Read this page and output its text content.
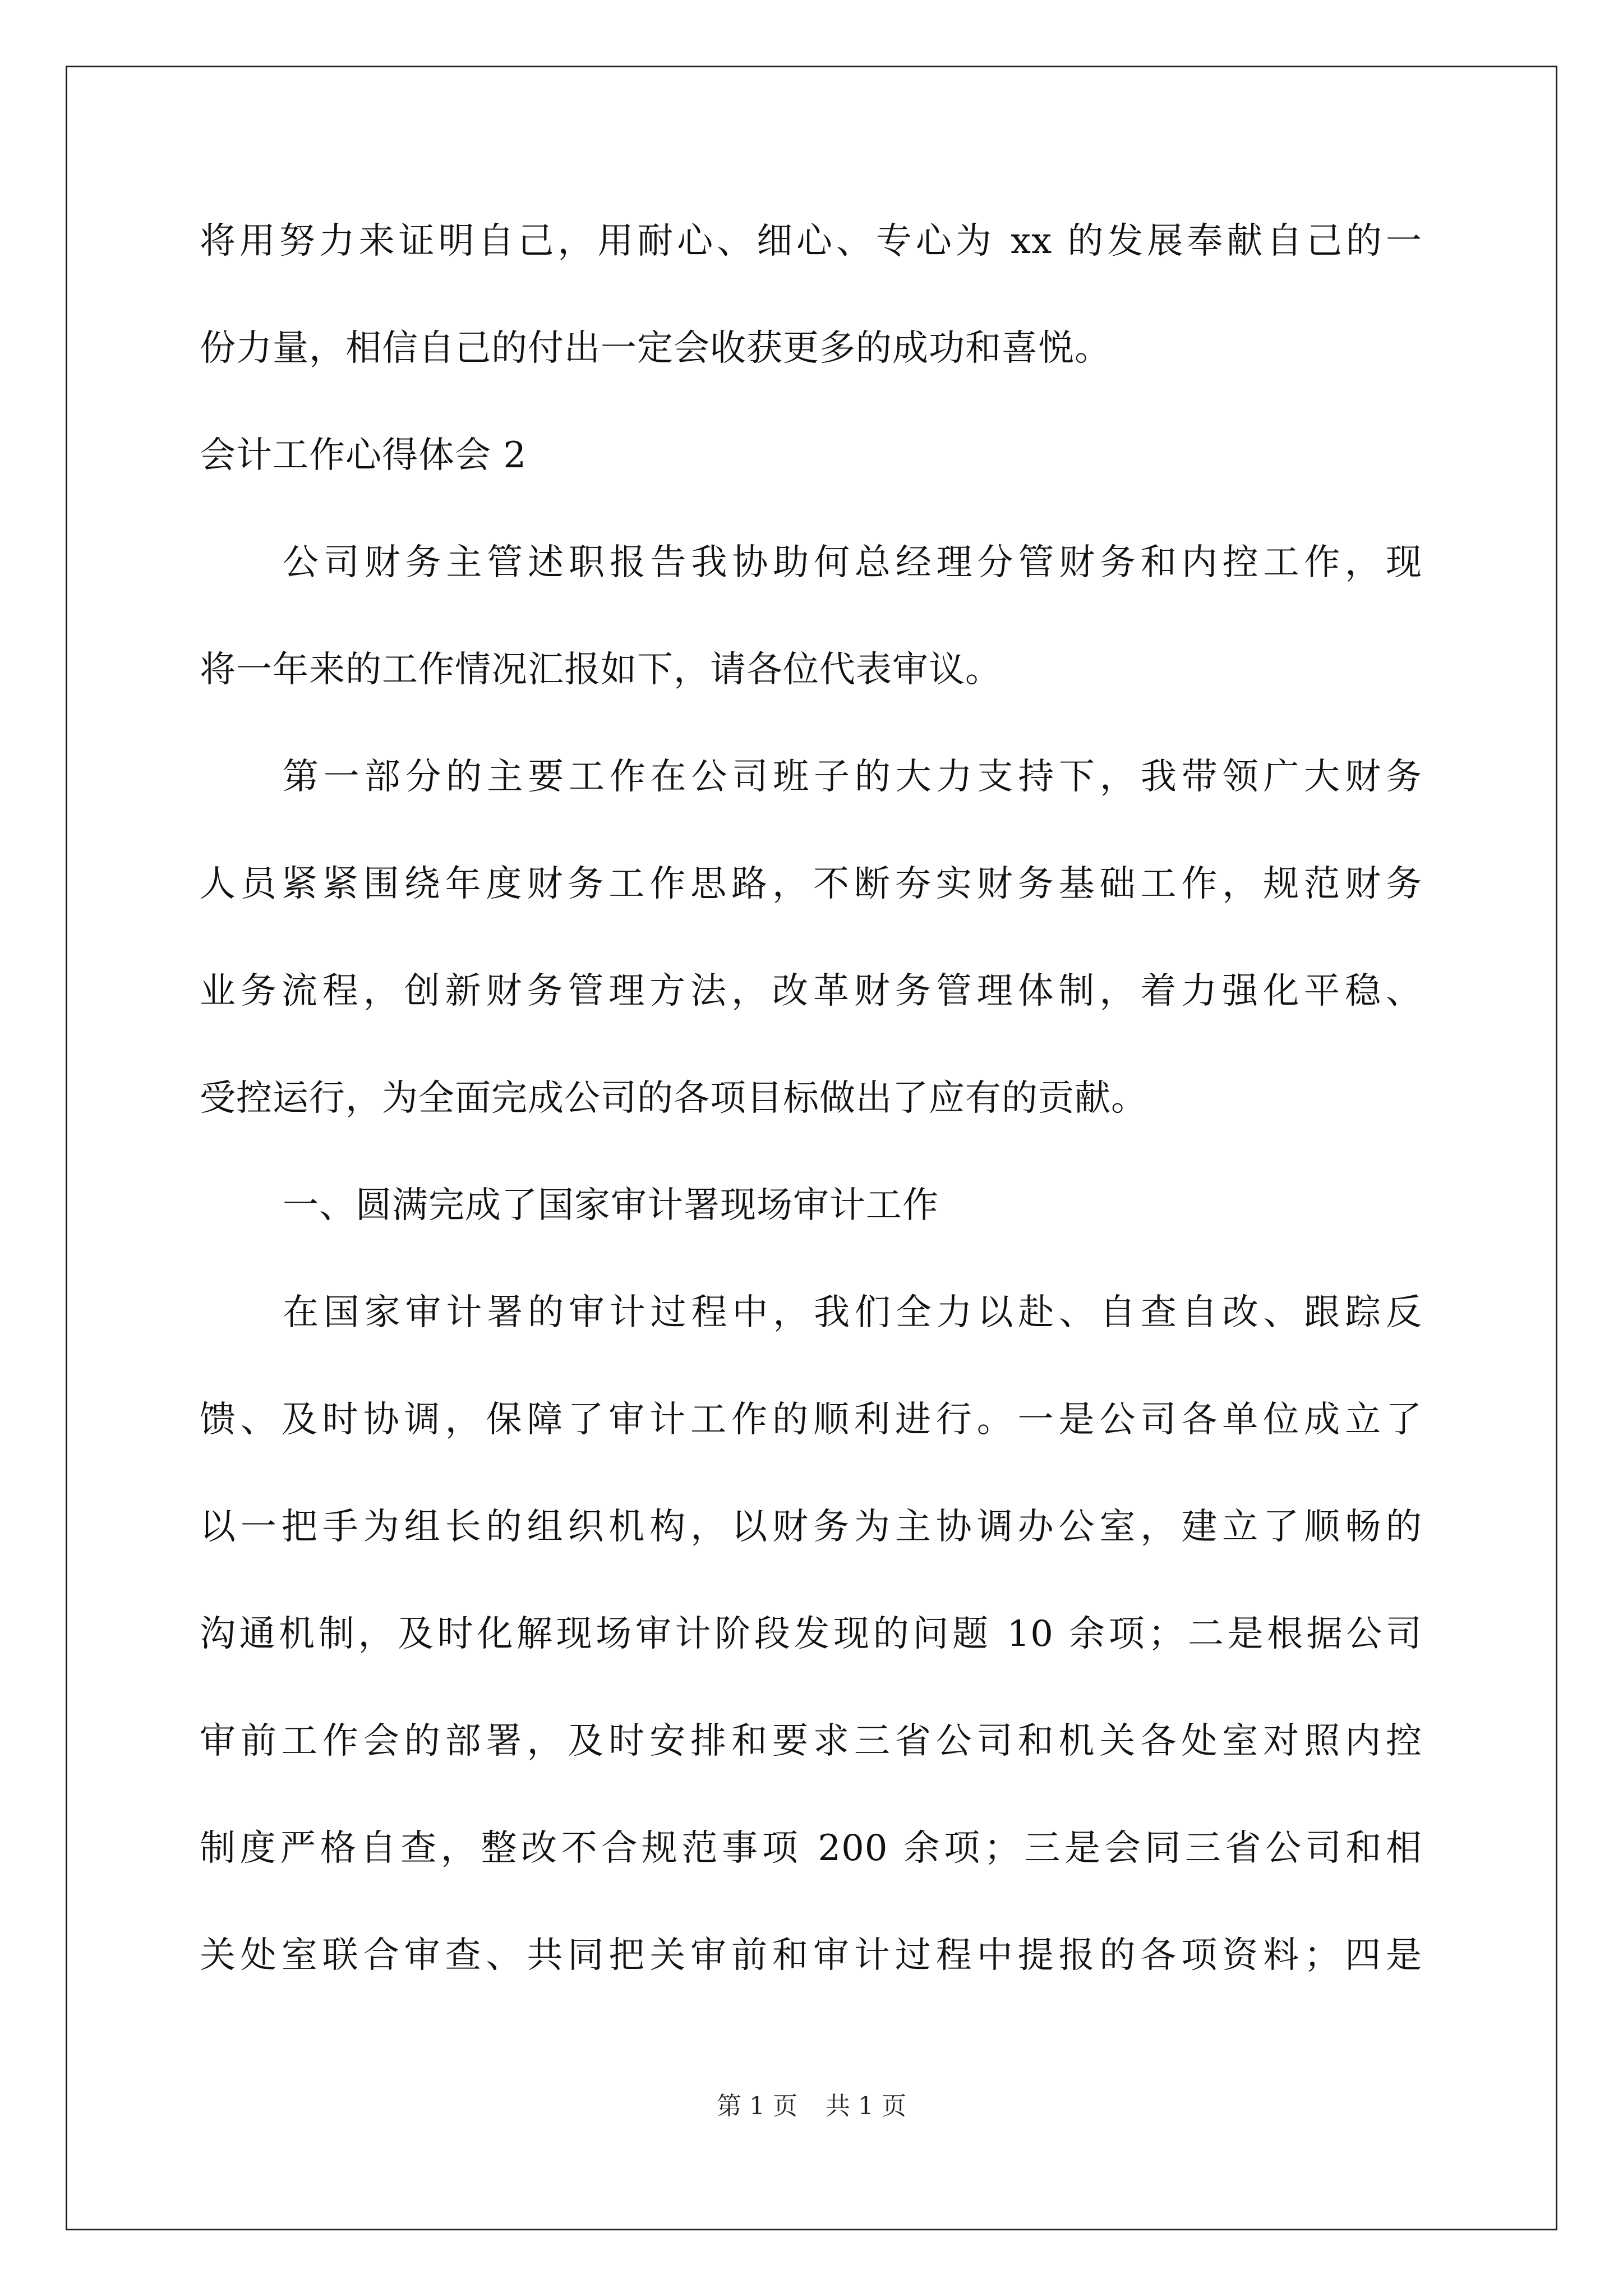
将用努力来证明自己，用耐心、细心、专心为 xx 的发展奉献自己的一
份力量，相信自己的付出一定会收获更多的成功和喜悦。
会计工作心得体会 2
公司财务主管述职报告我协助何总经理分管财务和内控工作，现
将一年来的工作情况汇报如下，请各位代表审议。
第一部分的主要工作在公司班子的大力支持下，我带领广大财务
人员紧紧围绕年度财务工作思路，不断夯实财务基础工作，规范财务
业务流程，创新财务管理方法，改革财务管理体制，着力强化平稳、
受控运行，为全面完成公司的各项目标做出了应有的贡献。
一、圆满完成了国家审计署现场审计工作
在国家审计署的审计过程中，我们全力以赴、自查自改、跟踪反
馈、及时协调，保障了审计工作的顺利进行。一是公司各单位成立了
以一把手为组长的组织机构，以财务为主协调办公室，建立了顺畅的
沟通机制，及时化解现场审计阶段发现的问题 10 余项；二是根据公司
审前工作会的部署，及时安排和要求三省公司和机关各处室对照内控
制度严格自查，整改不合规范事项 200 余项；三是会同三省公司和相
关处室联合审查、共同把关审前和审计过程中提报的各项资料；四是
第 1 页 共 1 页
